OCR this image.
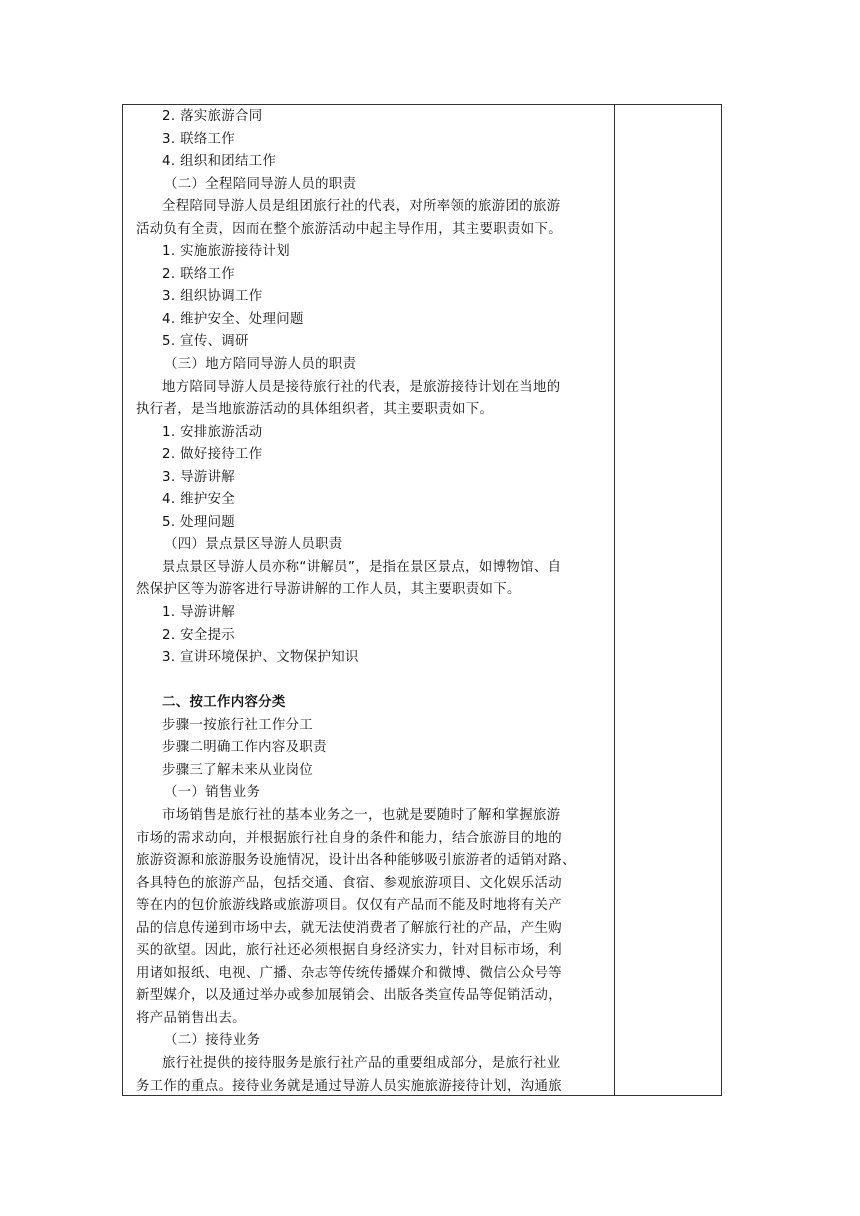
2. 落实旅游合同
3. 联络工作
4. 组织和团结工作
（二）全程陪同导游人员的职责
全程陪同导游人员是组团旅行社的代表，对所率领的旅游团的旅游
活动负有全责，因而在整个旅游活动中起主导作用，其主要职责如下。
1. 实施旅游接待计划
2. 联络工作
3. 组织协调工作
4. 维护安全、处理问题
5. 宣传、调研
（三）地方陪同导游人员的职责
地方陪同导游人员是接待旅行社的代表，是旅游接待计划在当地的
执行者，是当地旅游活动的具体组织者，其主要职责如下。
1. 安排旅游活动
2. 做好接待工作
3. 导游讲解
4. 维护安全
5. 处理问题
（四）景点景区导游人员职责
景点景区导游人员亦称“讲解员”，是指在景区景点，如博物馆、自
然保护区等为游客进行导游讲解的工作人员，其主要职责如下。
1. 导游讲解
2. 安全提示
3. 宣讲环境保护、文物保护知识
二、按工作内容分类
步骤一按旅行社工作分工
步骤二明确工作内容及职责
步骤三了解未来从业岗位
（一）销售业务
市场销售是旅行社的基本业务之一，也就是要随时了解和掌握旅游
市场的需求动向，并根据旅行社自身的条件和能力，结合旅游目的地的
旅游资源和旅游服务设施情况，设计出各种能够吸引旅游者的适销对路、
各具特色的旅游产品，包括交通、食宿、参观旅游项目、文化娱乐活动
等在内的包价旅游线路或旅游项目。仅仅有产品而不能及时地将有关产
品的信息传递到市场中去，就无法使消费者了解旅行社的产品，产生购
买的欲望。因此，旅行社还必须根据自身经济实力，针对目标市场，利
用诸如报纸、电视、广播、杂志等传统传播媒介和微博、微信公众号等
新型媒介，以及通过举办或参加展销会、出版各类宣传品等促销活动，
将产品销售出去。
（二）接待业务
旅行社提供的接待服务是旅行社产品的重要组成部分，是旅行社业
务工作的重点。接待业务就是通过导游人员实施旅游接待计划，沟通旅
